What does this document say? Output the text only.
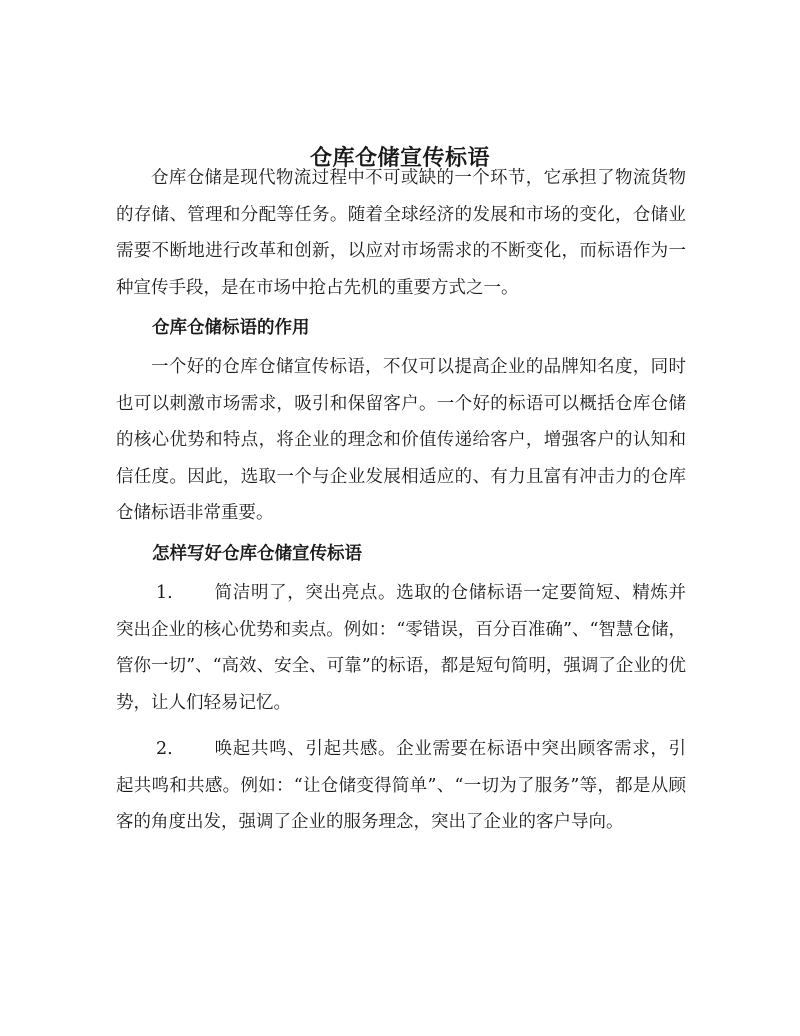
仓库仓储宣传标语

仓库仓储是现代物流过程中不可或缺的一个环节，它承担了物流货物的存储、管理和分配等任务。随着全球经济的发展和市场的变化，仓储业需要不断地进行改革和创新，以应对市场需求的不断变化，而标语作为一种宣传手段，是在市场中抢占先机的重要方式之一。

仓库仓储标语的作用

一个好的仓库仓储宣传标语，不仅可以提高企业的品牌知名度，同时也可以刺激市场需求，吸引和保留客户。一个好的标语可以概括仓库仓储的核心优势和特点，将企业的理念和价值传递给客户，增强客户的认知和信任度。因此，选取一个与企业发展相适应的、有力且富有冲击力的仓库仓储标语非常重要。

怎样写好仓库仓储宣传标语

1. 简洁明了，突出亮点。选取的仓储标语一定要简短、精炼并突出企业的核心优势和卖点。例如：“零错误，百分百准确”、“智慧仓储，管你一切”、“高效、安全、可靠”的标语，都是短句简明，强调了企业的优势，让人们轻易记忆。

2. 唤起共鸣、引起共感。企业需要在标语中突出顾客需求，引起共鸣和共感。例如：“让仓储变得简单”、“一切为了服务”等，都是从顾客的角度出发，强调了企业的服务理念，突出了企业的客户导向。
